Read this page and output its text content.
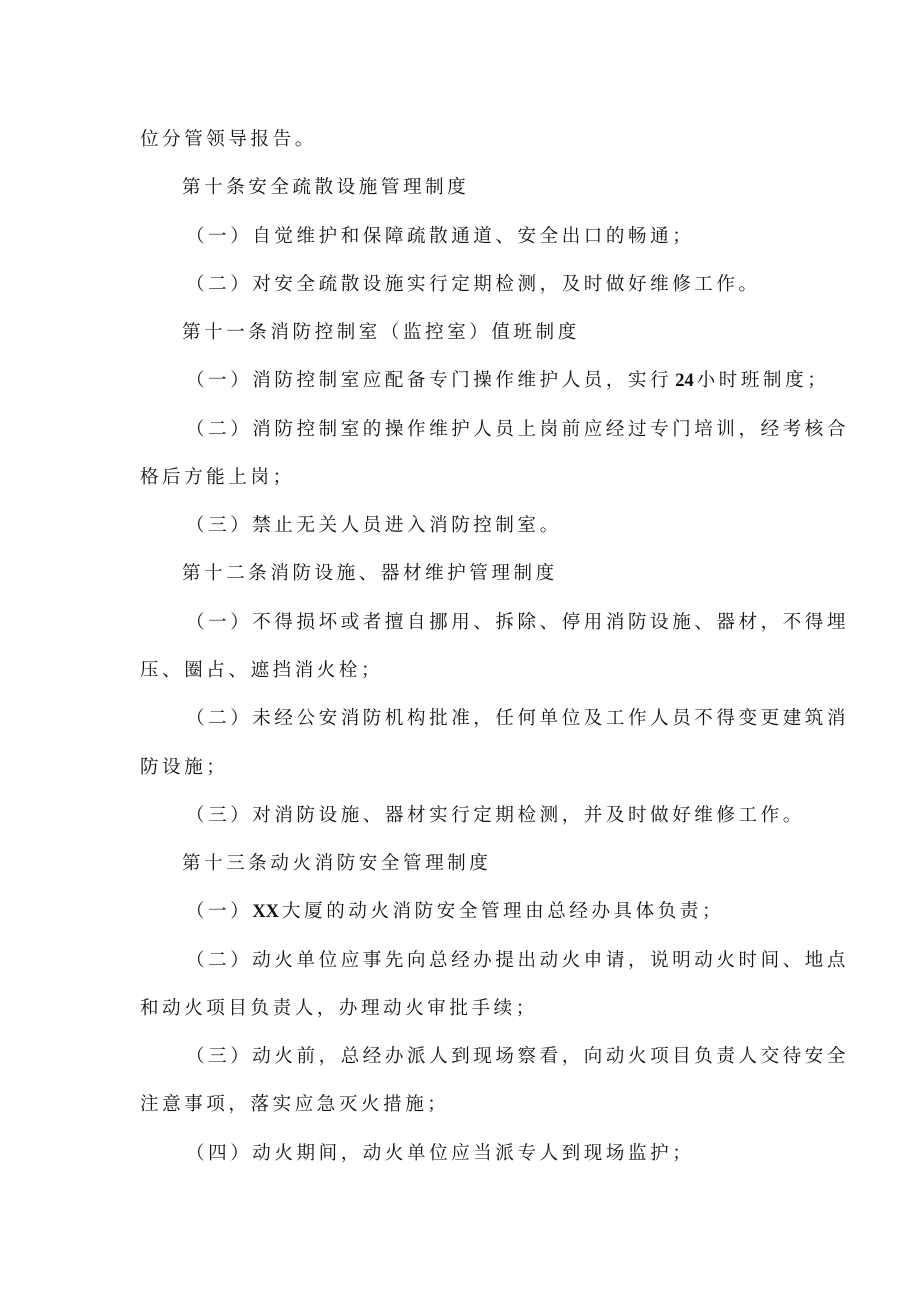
位分管领导报告。
第十条安全疏散设施管理制度
（一）自觉维护和保障疏散通道、安全出口的畅通；
（二）对安全疏散设施实行定期检测，及时做好维修工作。
第十一条消防控制室（监控室）值班制度
（一）消防控制室应配备专门操作维护人员，实行 24 小时班制度；
（二）消防控制室的操作维护人员上岗前应经过专门培训，经考核合
格后方能上岗；
（三）禁止无关人员进入消防控制室。
第十二条消防设施、器材维护管理制度
（一）不得损坏或者擅自挪用、拆除、停用消防设施、器材，不得埋
压、圈占、遮挡消火栓；
（二）未经公安消防机构批准，任何单位及工作人员不得变更建筑消
防设施；
（三）对消防设施、器材实行定期检测，并及时做好维修工作。
第十三条动火消防安全管理制度
（一）XX 大厦的动火消防安全管理由总经办具体负责；
（二）动火单位应事先向总经办提出动火申请，说明动火时间、地点
和动火项目负责人，办理动火审批手续；
（三）动火前，总经办派人到现场察看，向动火项目负责人交待安全
注意事项，落实应急灭火措施；
（四）动火期间，动火单位应当派专人到现场监护；
